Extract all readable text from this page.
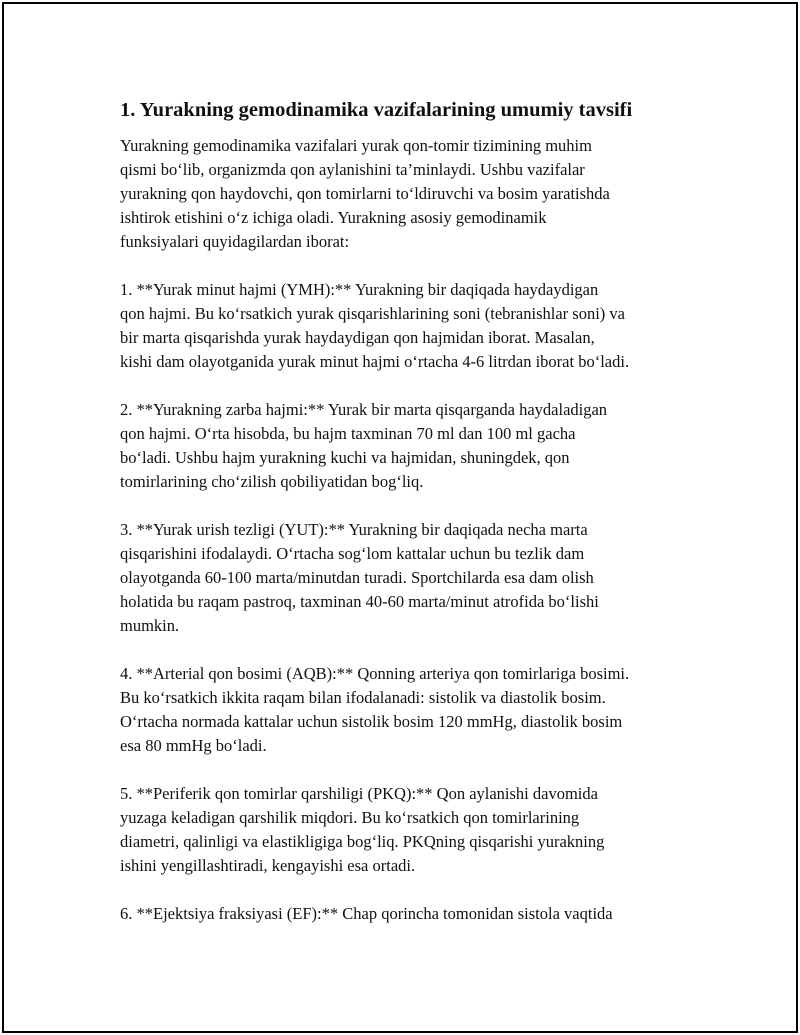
1. Yurakning gemodinamika vazifalarining umumiy tavsifi

Yurakning gemodinamika vazifalari yurak qon-tomir tizimining muhim
qismi bo‘lib, organizmda qon aylanishini ta’minlaydi. Ushbu vazifalar
yurakning qon haydovchi, qon tomirlarni to‘ldiruvchi va bosim yaratishda
ishtirok etishini o‘z ichiga oladi. Yurakning asosiy gemodinamik
funksiyalari quyidagilardan iborat:

1. **Yurak minut hajmi (YMH):** Yurakning bir daqiqada haydaydigan
qon hajmi. Bu ko‘rsatkich yurak qisqarishlarining soni (tebranishlar soni) va
bir marta qisqarishda yurak haydaydigan qon hajmidan iborat. Masalan,
kishi dam olayotganida yurak minut hajmi o‘rtacha 4-6 litrdan iborat bo‘ladi.

2. **Yurakning zarba hajmi:** Yurak bir marta qisqarganda haydaladigan
qon hajmi. O‘rta hisobda, bu hajm taxminan 70 ml dan 100 ml gacha
bo‘ladi. Ushbu hajm yurakning kuchi va hajmidan, shuningdek, qon
tomirlarining cho‘zilish qobiliyatidan bog‘liq.

3. **Yurak urish tezligi (YUT):** Yurakning bir daqiqada necha marta
qisqarishini ifodalaydi. O‘rtacha sog‘lom kattalar uchun bu tezlik dam
olayotganda 60-100 marta/minutdan turadi. Sportchilarda esa dam olish
holatida bu raqam pastroq, taxminan 40-60 marta/minut atrofida bo‘lishi
mumkin.

4. **Arterial qon bosimi (AQB):** Qonning arteriya qon tomirlariga bosimi.
Bu ko‘rsatkich ikkita raqam bilan ifodalanadi: sistolik va diastolik bosim.
O‘rtacha normada kattalar uchun sistolik bosim 120 mmHg, diastolik bosim
esa 80 mmHg bo‘ladi.

5. **Periferik qon tomirlar qarshiligi (PKQ):** Qon aylanishi davomida
yuzaga keladigan qarshilik miqdori. Bu ko‘rsatkich qon tomirlarining
diametri, qalinligi va elastikligiga bog‘liq. PKQning qisqarishi yurakning
ishini yengillashtiradi, kengayishi esa ortadi.

6. **Ejektsiya fraksiyasi (EF):** Chap qorincha tomonidan sistola vaqtida
